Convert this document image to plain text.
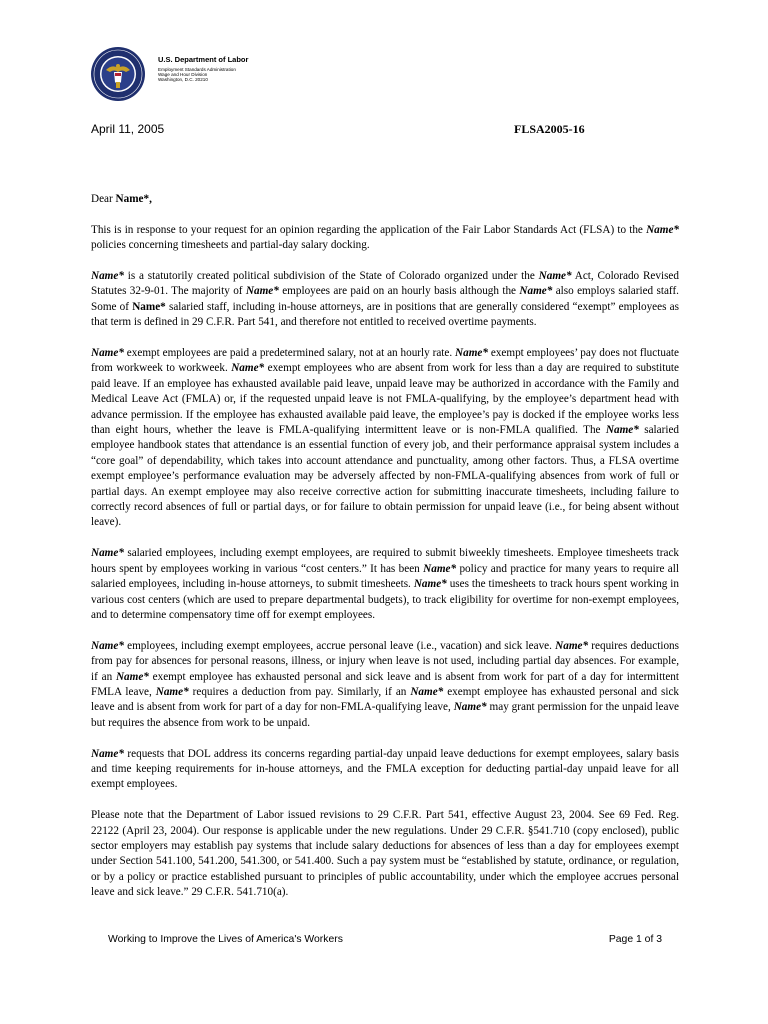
U.S. Department of Labor
Employment Standards Administration
Wage and Hour Division
Washington, D.C. 20210
April 11, 2005	FLSA2005-16

Dear Name*,

This is in response to your request for an opinion regarding the application of the Fair Labor Standards Act (FLSA) to the Name* policies concerning timesheets and partial-day salary docking.

Name* is a statutorily created political subdivision of the State of Colorado organized under the Name* Act, Colorado Revised Statutes 32-9-01. The majority of Name* employees are paid on an hourly basis although the Name* also employs salaried staff. Some of Name* salaried staff, including in-house attorneys, are in positions that are generally considered “exempt” employees as that term is defined in 29 C.F.R. Part 541, and therefore not entitled to received overtime payments.

Name* exempt employees are paid a predetermined salary, not at an hourly rate. Name* exempt employees’ pay does not fluctuate from workweek to workweek. Name* exempt employees who are absent from work for less than a day are required to substitute paid leave. If an employee has exhausted available paid leave, unpaid leave may be authorized in accordance with the Family and Medical Leave Act (FMLA) or, if the requested unpaid leave is not FMLA-qualifying, by the employee’s department head with advance permission. If the employee has exhausted available paid leave, the employee’s pay is docked if the employee works less than eight hours, whether the leave is FMLA-qualifying intermittent leave or is non-FMLA qualified. The Name* salaried employee handbook states that attendance is an essential function of every job, and their performance appraisal system includes a “core goal” of dependability, which takes into account attendance and punctuality, among other factors. Thus, a FLSA overtime exempt employee’s performance evaluation may be adversely affected by non-FMLA-qualifying absences from work of full or partial days. An exempt employee may also receive corrective action for submitting inaccurate timesheets, including failure to correctly record absences of full or partial days, or for failure to obtain permission for unpaid leave (i.e., for being absent without leave).

Name* salaried employees, including exempt employees, are required to submit biweekly timesheets. Employee timesheets track hours spent by employees working in various “cost centers.” It has been Name* policy and practice for many years to require all salaried employees, including in-house attorneys, to submit timesheets. Name* uses the timesheets to track hours spent working in various cost centers (which are used to prepare departmental budgets), to track eligibility for overtime for non-exempt employees, and to determine compensatory time off for exempt employees.

Name* employees, including exempt employees, accrue personal leave (i.e., vacation) and sick leave. Name* requires deductions from pay for absences for personal reasons, illness, or injury when leave is not used, including partial day absences. For example, if an Name* exempt employee has exhausted personal and sick leave and is absent from work for part of a day for intermittent FMLA leave, Name* requires a deduction from pay. Similarly, if an Name* exempt employee has exhausted personal and sick leave and is absent from work for part of a day for non-FMLA-qualifying leave, Name* may grant permission for the unpaid leave but requires the absence from work to be unpaid.

Name* requests that DOL address its concerns regarding partial-day unpaid leave deductions for exempt employees, salary basis and time keeping requirements for in-house attorneys, and the FMLA exception for deducting partial-day unpaid leave for all exempt employees.

Please note that the Department of Labor issued revisions to 29 C.F.R. Part 541, effective August 23, 2004. See 69 Fed. Reg. 22122 (April 23, 2004). Our response is applicable under the new regulations. Under 29 C.F.R. §541.710 (copy enclosed), public sector employers may establish pay systems that include salary deductions for absences of less than a day for employees exempt under Section 541.100, 541.200, 541.300, or 541.400. Such a pay system must be “established by statute, ordinance, or regulation, or by a policy or practice established pursuant to principles of public accountability, under which the employee accrues personal leave and sick leave.” 29 C.F.R. 541.710(a).

Working to Improve the Lives of America's Workers	Page 1 of 3
